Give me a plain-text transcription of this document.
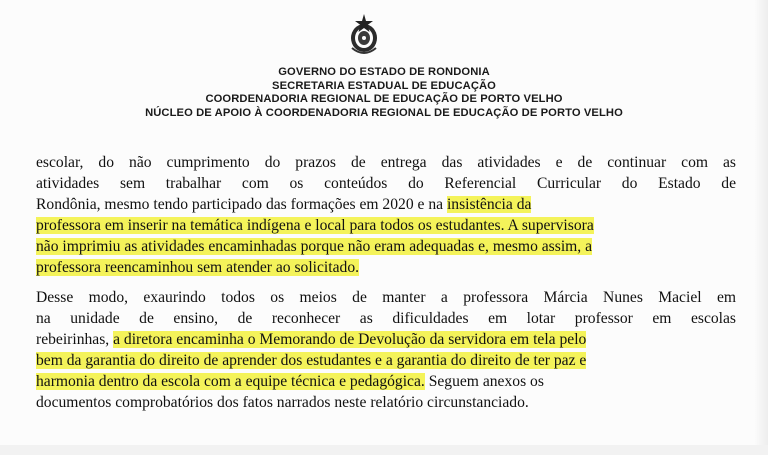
GOVERNO DO ESTADO DE RONDONIA
SECRETARIA ESTADUAL DE EDUCAÇÃO
COORDENADORIA REGIONAL DE EDUCAÇÃO DE PORTO VELHO
NÚCLEO DE APOIO À COORDENADORIA REGIONAL DE EDUCAÇÃO DE PORTO VELHO
escolar, do não cumprimento do prazos de entrega das atividades e de continuar com as
atividades sem trabalhar com os conteúdos do Referencial Curricular do Estado de
Rondônia, mesmo tendo participado das formações em 2020 e na insistência da
professora em inserir na temática indígena e local para todos os estudantes. A supervisora
não imprimiu as atividades encaminhadas porque não eram adequadas e, mesmo assim, a
professora reencaminhou sem atender ao solicitado.
Desse modo, exaurindo todos os meios de manter a professora Márcia Nunes Maciel em
na unidade de ensino, de reconhecer as dificuldades em lotar professor em escolas
rebeirinhas, a diretora encaminha o Memorando de Devolução da servidora em tela pelo
bem da garantia do direito de aprender dos estudantes e a garantia do direito de ter paz e
harmonia dentro da escola com a equipe técnica e pedagógica. Seguem anexos os
documentos comprobatórios dos fatos narrados neste relatório circunstanciado.
